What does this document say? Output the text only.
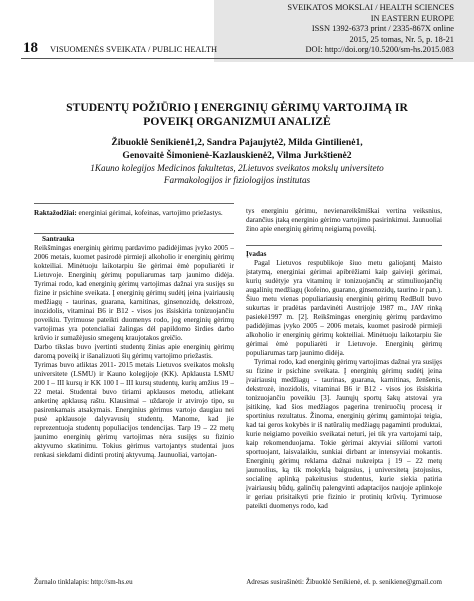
SVEIKATOS MOKSLAI / HEALTH SCIENCES
IN EASTERN EUROPE
ISSN 1392-6373 print / 2335-867X online
2015, 25 tomas, Nr. 5, p. 18-21
DOI: http://doi.org/10.5200/sm-hs.2015.083
18 VISUOMENĖS SVEIKATA / PUBLIC HEALTH
STUDENTŲ POŽIŪRIO Į ENERGINIŲ GĖRIMŲ VARTOJIMĄ IR
POVEIKĮ ORGANIZMUI ANALIZĖ
Žibuoklė Senikienė1,2, Sandra Pajaujytė2, Milda Gintilienė1,
Genovaitė Šimonienė-Kazlauskienė2, Vilma Jurkštienė2
1Kauno kolegijos Medicinos fakultetas, 2Lietuvos sveikatos mokslų universiteto
Farmakologijos ir fiziologijos institutas

Raktažodžiai: energiniai gėrimai, kofeinas, vartojimo priežastys.

Santrauka

Reikšmingas energinių gėrimų pardavimo padidėjimas įvyko 2005 – 2006 metais, kuomet pasirodė pirmieji alkoholio ir energinių gėrimų kokteiliai. Minėtuoju laikotarpiu šie gėrimai ėmė populiarėti ir Lietuvoje. Energinių gėrimų populiarumas tarp jaunimo didėja. Tyrimai rodo, kad energinių gėrimų vartojimas dažnai yra susijęs su fizine ir psichine sveikata. Į energinių gėrimų sudėtį įeina įvairiausių medžiagų - taurinas, guarana, karnitinas, ginsenozidų, dekstrozė, inozidolis, vitaminai B6 ir B12 - visos jos išsiskiria tonizuojančiu poveikiu. Tyrimuose pateikti duomenys rodo, jog energinių gėrimų vartojimas yra potencialiai žalingas dėl papildomo širdies darbo krūvio ir sumažėjusio smegenų kraujotakos greičio.

Darbo tikslas buvo įvertinti studentų žinias apie energinių gėrimų daromą poveikį ir išanalizuoti šių gėrimų vartojimo priežastis.

Tyrimas buvo atliktas 2011- 2015 metais Lietuvos sveikatos mokslų universitete (LSMU) ir Kauno kolegijoje (KK). Apklausta LSMU 200 I – III kursų ir KK 100 I – III kursų studentų, kurių amžius 19 – 22 metai. Studentai buvo tiriami apklausos metodu, atliekant anketinę apklausą raštu. Klausimai – uždaroje ir atvirojo tipo, su pasirenkamais atsakymais. Energinius gėrimus vartojo daugiau nei pusė apklausoje dalyvavusių studentų. Manome, kad jie reprezentuoja studentų populiacijos tendencijas. Tarp 19 – 22 metų jaunimo energinių gėrimų vartojimas nėra susijęs su fizinio aktyvumo skatinimu. Tokius gėrimus vartojantys studentai juos renkasi siekdami didinti protinį aktyvumą. Jaunuoliai, vartojan-

tys energiniu gėrimu, nevienareikšmiškai vertina veiksnius, darančius įtaką energinio gėrimo vartojimo pasirinkimui. Jaunuoliai žino apie energinių gėrimų neigiamą poveikį.

Įvadas

Pagal Lietuvos respublikoje šiuo metu galiojantį Maisto įstatymą, energiniai gėrimai apibrėžiami kaip gaivieji gėrimai, kurių sudėtyje yra vitaminų ir tonizuojančių ar stimuliuojančių augalinių medžiagų (kofeino, guarano, ginsenozidų, taurino ir pan.). Šiuo metu vienas populiariausių energinių gėrimų RedBull buvo sukurtas ir pradėtas pardavinėti Austrijoje 1987 m., JAV rinką pasiekė1997 m. [2]. Reikšmingas energinių gėrimų pardavimo padidėjimas įvyko 2005 – 2006 metais, kuomet pasirodė pirmieji alkoholio ir energinių gėrimų kokteiliai. Minėtuoju laikotarpiu šie gėrimai ėmė populiarėti ir Lietuvoje. Energinių gėrimų populiarumas tarp jaunimo didėja.

Tyrimai rodo, kad energinių gėrimų vartojimas dažnai yra susijęs su fizine ir psichine sveikata. Į energinių gėrimų sudėtį įeina įvairiausių medžiagų - taurinas, guarana, karnitinas, ženšenis, dekstrozė, inozidolis, vitaminai B6 ir B12 - visos jos išsiskiria tonizuojančiu poveikiu [3]. Jaunųjų sportų šakų atstovai yra įsitikinę, kad šios medžiagos pagerina treniruočių procesą ir sportinius rezultatus. Žinoma, energinių gėrimų gamintojai teigia, kad tai geros kokybės ir iš natūralių medžiagų pagaminti produktai, kurie neigiamo poveikio sveikatai neturi, jei tik yra vartojami taip, kaip rekomenduojama. Tokie gėrimai aktyviai siūlomi vartoti sportuojant, laisvalaikiu, sunkiai dirbant ar intensyviai mokantis. Energinių gėrimų reklama dažnai nukreipta į 19 – 22 metų jaunuolius, ką tik mokyklą baigusius, į universitetą įstojusius, socialinę aplinką pakeitusius studentus, kurie siekia patiria įvairiausių būdų, galinčių palengvinti adaptacijos naujoje aplinkoje ir geriau prisitaikyti prie fizinio ir protinių krūvių. Tyrimuose pateikti duomenys rodo, kad

Žurnalo tinklalapis: http://sm-hs.eu	Adresas susirašinėti: Žibuoklė Senikienė, el. p. senikiene@gmail.com
